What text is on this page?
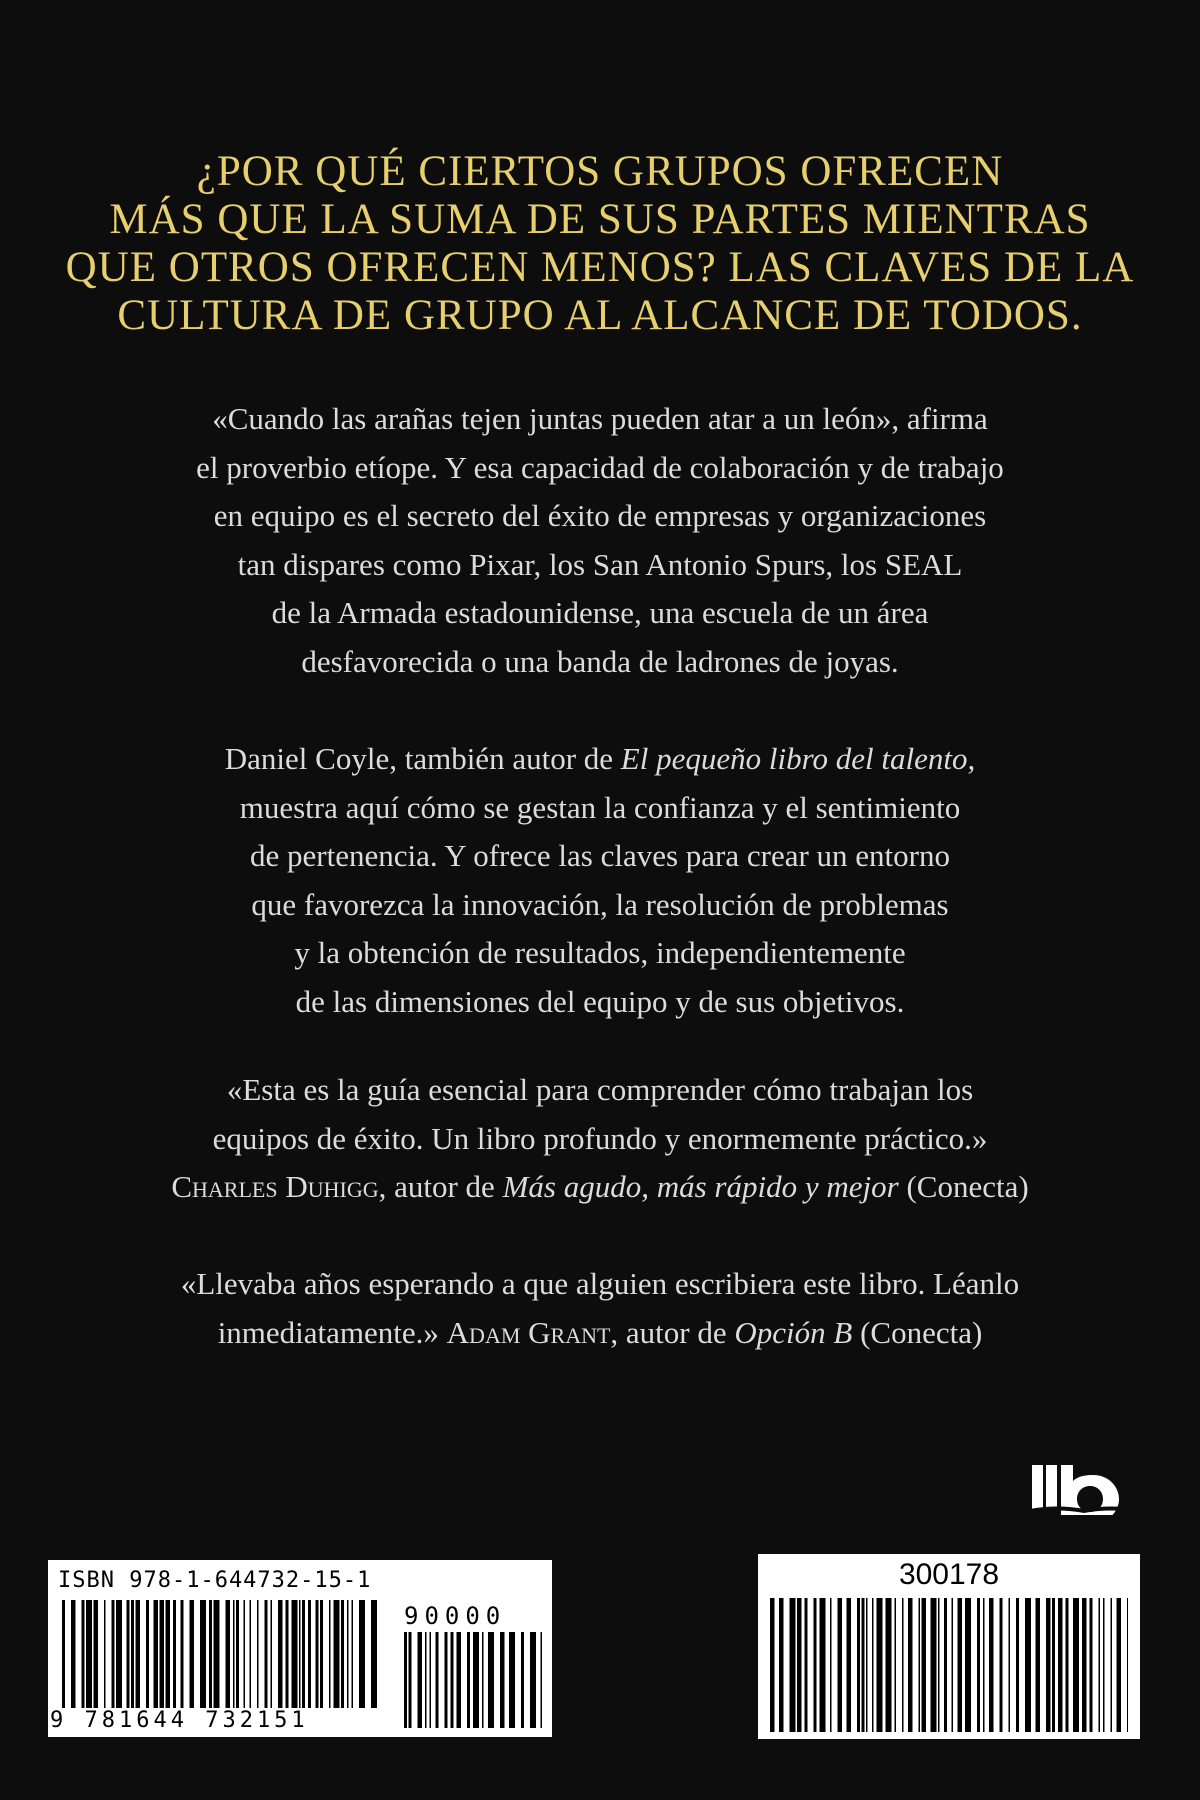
¿POR QUÉ CIERTOS GRUPOS OFRECEN
MÁS QUE LA SUMA DE SUS PARTES MIENTRAS
QUE OTROS OFRECEN MENOS? LAS CLAVES DE LA
CULTURA DE GRUPO AL ALCANCE DE TODOS.

«Cuando las arañas tejen juntas pueden atar a un león», afirma
el proverbio etíope. Y esa capacidad de colaboración y de trabajo
en equipo es el secreto del éxito de empresas y organizaciones
tan dispares como Pixar, los San Antonio Spurs, los SEAL
de la Armada estadounidense, una escuela de un área
desfavorecida o una banda de ladrones de joyas.

Daniel Coyle, también autor de El pequeño libro del talento,
muestra aquí cómo se gestan la confianza y el sentimiento
de pertenencia. Y ofrece las claves para crear un entorno
que favorezca la innovación, la resolución de problemas
y la obtención de resultados, independientemente
de las dimensiones del equipo y de sus objetivos.

«Esta es la guía esencial para comprender cómo trabajan los
equipos de éxito. Un libro profundo y enormemente práctico.»
Charles Duhigg, autor de Más agudo, más rápido y mejor (Conecta)

«Llevaba años esperando a que alguien escribiera este libro. Léanlo
inmediatamente.» Adam Grant, autor de Opción B (Conecta)

ISBN 978-1-644732-15-1
90000
9 781644 732151
300178
